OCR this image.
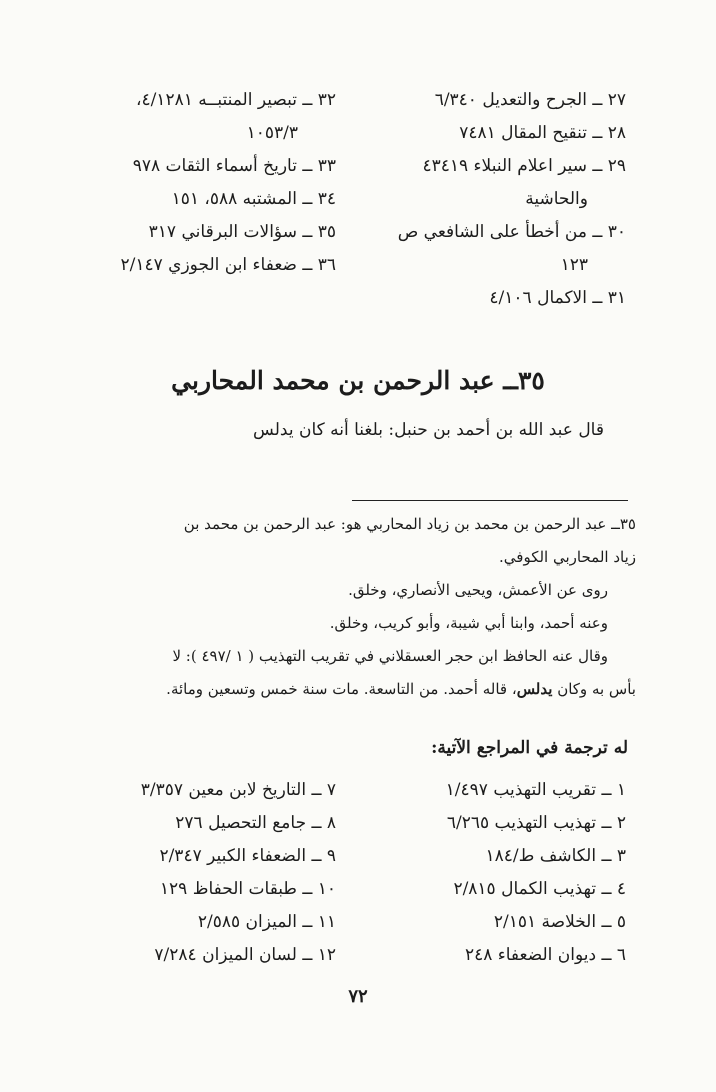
٢٧ ــ الجرح والتعديل ٦/٣٤٠
٢٨ ــ تنقيح المقال ٧٤٨١
٢٩ ــ سير اعلام النبلاء ٤٣٤١٩
والحاشية
٣٠ ــ من أخطأ على الشافعي ص
١٢٣
٣١ ــ الاكمال ٤/١٠٦
٣٢ ــ تبصير المنتبــه ٤/١٢٨١،
١٠٥٣/٣
٣٣ ــ تاريخ أسماء الثقات ٩٧٨
٣٤ ــ المشتبه ٥٨٨، ١٥١
٣٥ ــ سؤالات البرقاني ٣١٧
٣٦ ــ ضعفاء ابن الجوزي ٢/١٤٧
٣٥ــ عبد الرحمن بن محمد المحاربي
قال عبد الله بن أحمد بن حنبل: بلغنا أنه كان يدلس

٣٥ــ عبد الرحمن بن محمد بن زياد المحاربي هو: عبد الرحمن بن محمد بن

زياد المحاربي الكوفي.

روى عن الأعمش، ويحيى الأنصاري، وخلق.

وعنه أحمد، وابنا أبي شيبة، وأبو كريب، وخلق.

وقال عنه الحافظ ابن حجر العسقلاني في تقريب التهذيب ( ١ /٤٩٧ ): لا

بأس به وكان يدلس، قاله أحمد. من التاسعة. مات سنة خمس وتسعين ومائة.

له ترجمة في المراجع الآتية:
١ ــ تقريب التهذيب ١/٤٩٧
٢ ــ تهذيب التهذيب ٦/٢٦٥
٣ ــ الكاشف ط/١٨٤
٤ ــ تهذيب الكمال ٢/٨١٥
٥ ــ الخلاصة ٢/١٥١
٦ ــ ديوان الضعفاء ٢٤٨
٧ ــ التاريخ لابن معين ٣/٣٥٧
٨ ــ جامع التحصيل ٢٧٦
٩ ــ الضعفاء الكبير ٢/٣٤٧
١٠ ــ طبقات الحفاظ ١٢٩
١١ ــ الميزان ٢/٥٨٥
١٢ ــ لسان الميزان ٧/٢٨٤
٧٢
